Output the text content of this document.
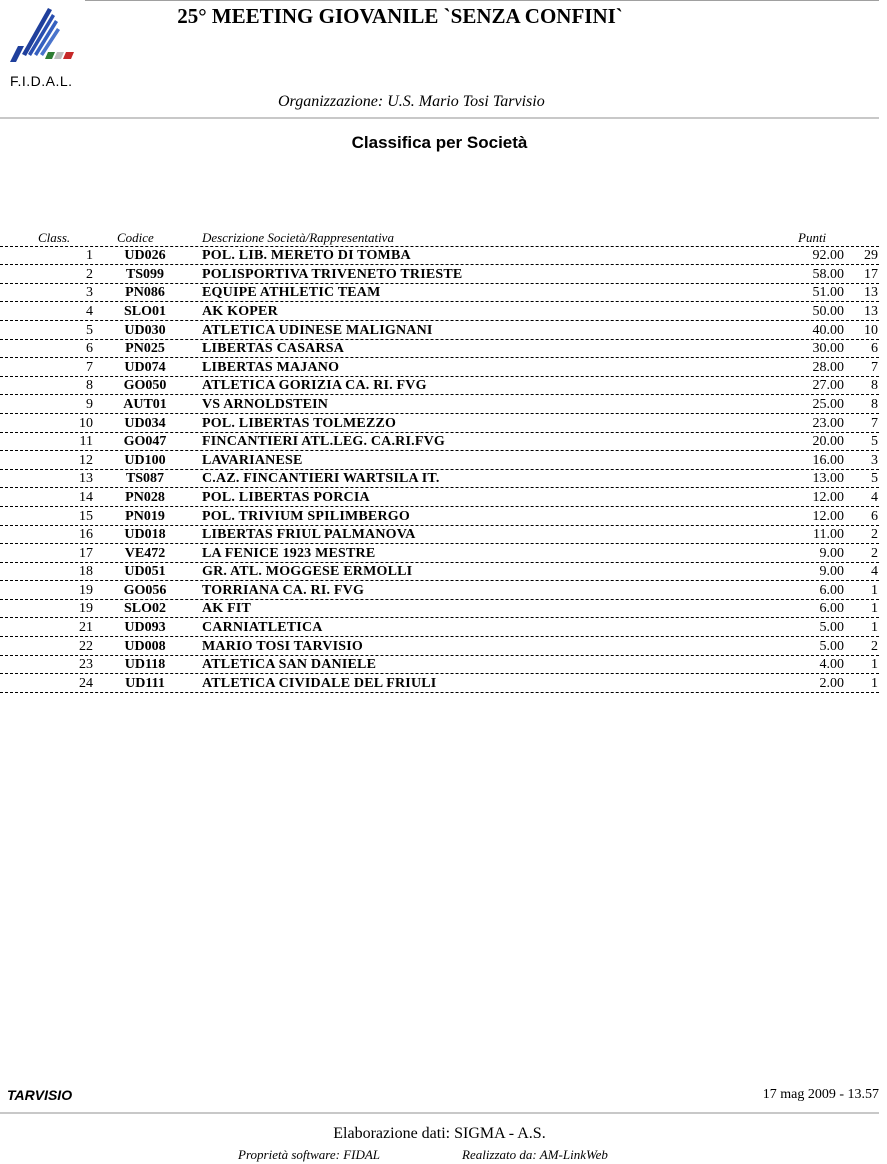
F.I.D.A.L.
25° MEETING GIOVANILE `SENZA CONFINI`
Organizzazione: U.S. Mario Tosi Tarvisio
Classifica per Società
Class.	Codice	Descrizione Società/Rappresentativa	Punti
1	UD026	POL. LIB. MERETO DI TOMBA	92.00 29
2	TS099	POLISPORTIVA TRIVENETO TRIESTE	58.00 17
3	PN086	EQUIPE ATHLETIC TEAM	51.00 13
4	SLO01	AK KOPER	50.00 13
5	UD030	ATLETICA UDINESE MALIGNANI	40.00 10
6	PN025	LIBERTAS CASARSA	30.00 6
7	UD074	LIBERTAS MAJANO	28.00 7
8	GO050	ATLETICA GORIZIA CA. RI. FVG	27.00 8
9	AUT01	VS ARNOLDSTEIN	25.00 8
10	UD034	POL. LIBERTAS TOLMEZZO	23.00 7
11	GO047	FINCANTIERI ATL.LEG. CA.RI.FVG	20.00 5
12	UD100	LAVARIANESE	16.00 3
13	TS087	C.AZ. FINCANTIERI WARTSILA IT.	13.00 5
14	PN028	POL. LIBERTAS PORCIA	12.00 4
15	PN019	POL. TRIVIUM SPILIMBERGO	12.00 6
16	UD018	LIBERTAS FRIUL PALMANOVA	11.00 2
17	VE472	LA FENICE 1923 MESTRE	9.00 2
18	UD051	GR. ATL. MOGGESE ERMOLLI	9.00 4
19	GO056	TORRIANA CA. RI. FVG	6.00 1
19	SLO02	AK FIT	6.00 1
21	UD093	CARNIATLETICA	5.00 1
22	UD008	MARIO TOSI TARVISIO	5.00 2
23	UD118	ATLETICA SAN DANIELE	4.00 1
24	UD111	ATLETICA CIVIDALE DEL FRIULI	2.00 1
TARVISIO	17 mag 2009 - 13.57
Elaborazione dati: SIGMA - A.S.
Proprietà software: FIDAL	Realizzato da: AM-LinkWeb
